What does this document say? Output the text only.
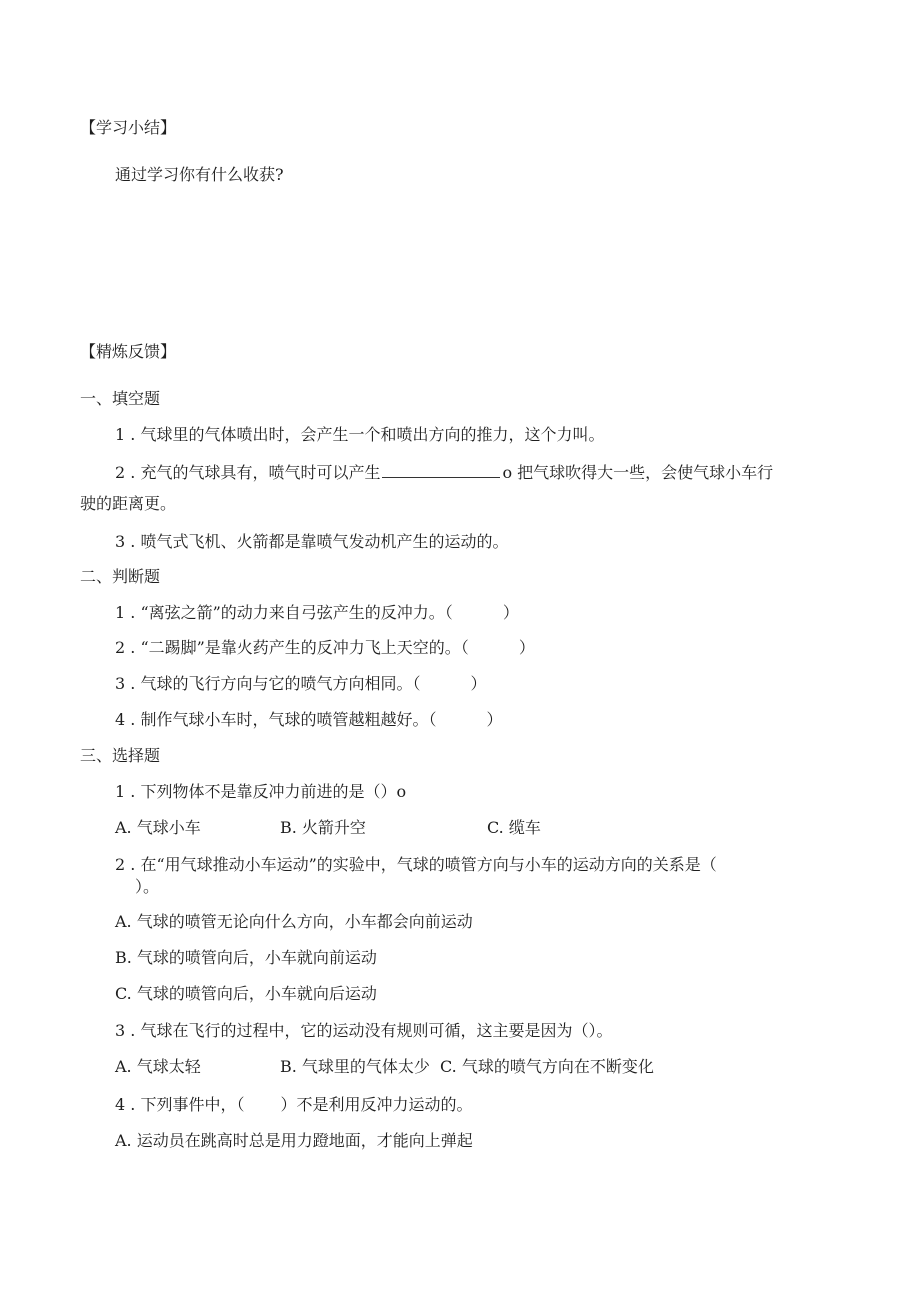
【学习小结】
通过学习你有什么收获?
【精炼反馈】
一、填空题
1 . 气球里的气体喷出时，会产生一个和喷出方向的推力，这个力叫。
2 . 充气的气球具有，喷气时可以产生	o 把气球吹得大一些，会使气球小车行
驶的距离更。
3 . 喷气式飞机、火箭都是靠喷气发动机产生的运动的。
二、判断题
1 . “离弦之箭”的动力来自弓弦产生的反冲力。（	）
2 . “二踢脚”是靠火药产生的反冲力飞上天空的。（	）
3 . 气球的飞行方向与它的喷气方向相同。（	）
4 . 制作气球小车时，气球的喷管越粗越好。（	）
三、选择题
1 . 下列物体不是靠反冲力前进的是（）o
A. 气球小车	B. 火箭升空	C. 缆车
2 . 在“用气球推动小车运动”的实验中，气球的喷管方向与小车的运动方向的关系是（
）。
A. 气球的喷管无论向什么方向，小车都会向前运动
B. 气球的喷管向后，小车就向前运动
C. 气球的喷管向后，小车就向后运动
3 . 气球在飞行的过程中，它的运动没有规则可循，这主要是因为（）。
A. 气球太轻	B. 气球里的气体太少 C. 气球的喷气方向在不断变化
4 . 下列事件中，（ ）不是利用反冲力运动的。
A. 运动员在跳高时总是用力蹬地面，才能向上弹起
